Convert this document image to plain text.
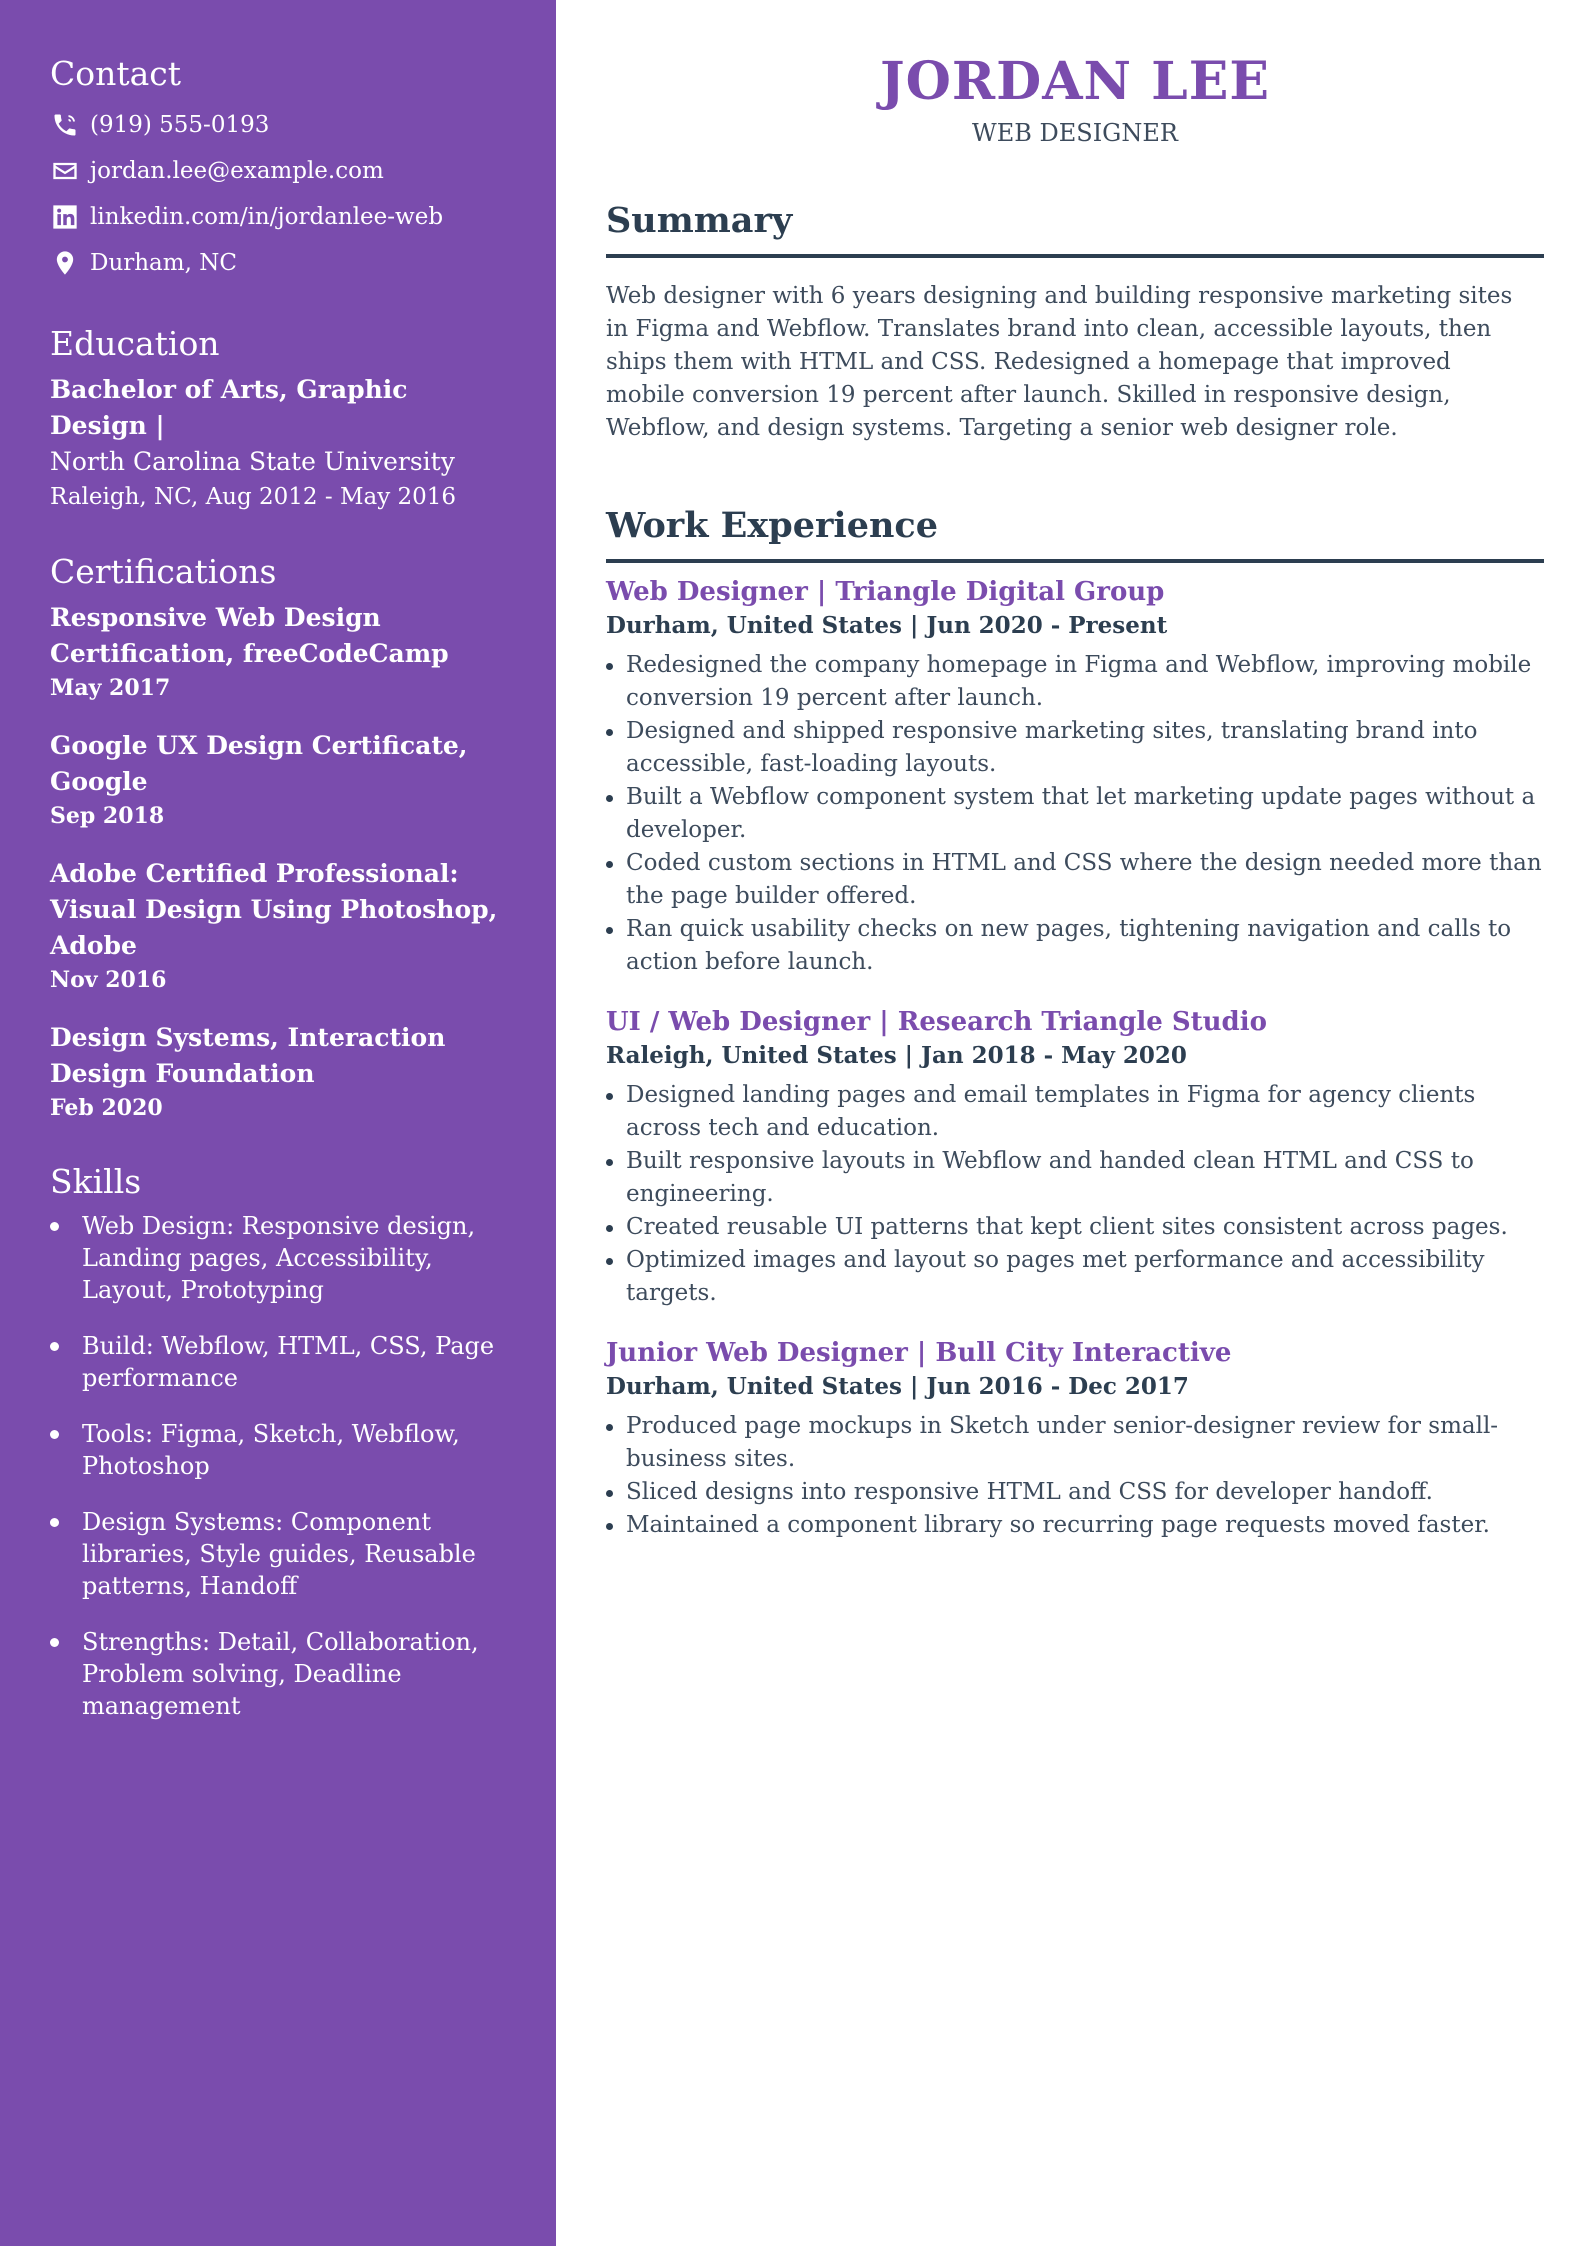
Contact
(919) 555-0193
jordan.lee@example.com
linkedin.com/in/jordanlee-web
Durham, NC
Education
Bachelor of Arts, Graphic Design |
North Carolina State University
Raleigh, NC, Aug 2012 - May 2016
Certifications
Responsive Web Design Certification, freeCodeCamp
May 2017
Google UX Design Certificate, Google
Sep 2018
Adobe Certified Professional: Visual Design Using Photoshop, Adobe
Nov 2016
Design Systems, Interaction Design Foundation
Feb 2020
Skills
Web Design: Responsive design, Landing pages, Accessibility, Layout, Prototyping
Build: Webflow, HTML, CSS, Page performance
Tools: Figma, Sketch, Webflow, Photoshop
Design Systems: Component libraries, Style guides, Reusable patterns, Handoff
Strengths: Detail, Collaboration, Problem solving, Deadline management
JORDAN LEE
WEB DESIGNER
Summary

Web designer with 6 years designing and building responsive marketing sites in Figma and Webflow. Translates brand into clean, accessible layouts, then ships them with HTML and CSS. Redesigned a homepage that improved mobile conversion 19 percent after launch. Skilled in responsive design, Webflow, and design systems. Targeting a senior web designer role.

Work Experience
Web Designer | Triangle Digital Group
Durham, United States | Jun 2020 - Present
Redesigned the company homepage in Figma and Webflow, improving mobile conversion 19 percent after launch.
Designed and shipped responsive marketing sites, translating brand into accessible, fast-loading layouts.
Built a Webflow component system that let marketing update pages without a developer.
Coded custom sections in HTML and CSS where the design needed more than the page builder offered.
Ran quick usability checks on new pages, tightening navigation and calls to action before launch.
UI / Web Designer | Research Triangle Studio
Raleigh, United States | Jan 2018 - May 2020
Designed landing pages and email templates in Figma for agency clients across tech and education.
Built responsive layouts in Webflow and handed clean HTML and CSS to engineering.
Created reusable UI patterns that kept client sites consistent across pages.
Optimized images and layout so pages met performance and accessibility targets.
Junior Web Designer | Bull City Interactive
Durham, United States | Jun 2016 - Dec 2017
Produced page mockups in Sketch under senior-designer review for small-business sites.
Sliced designs into responsive HTML and CSS for developer handoff.
Maintained a component library so recurring page requests moved faster.
